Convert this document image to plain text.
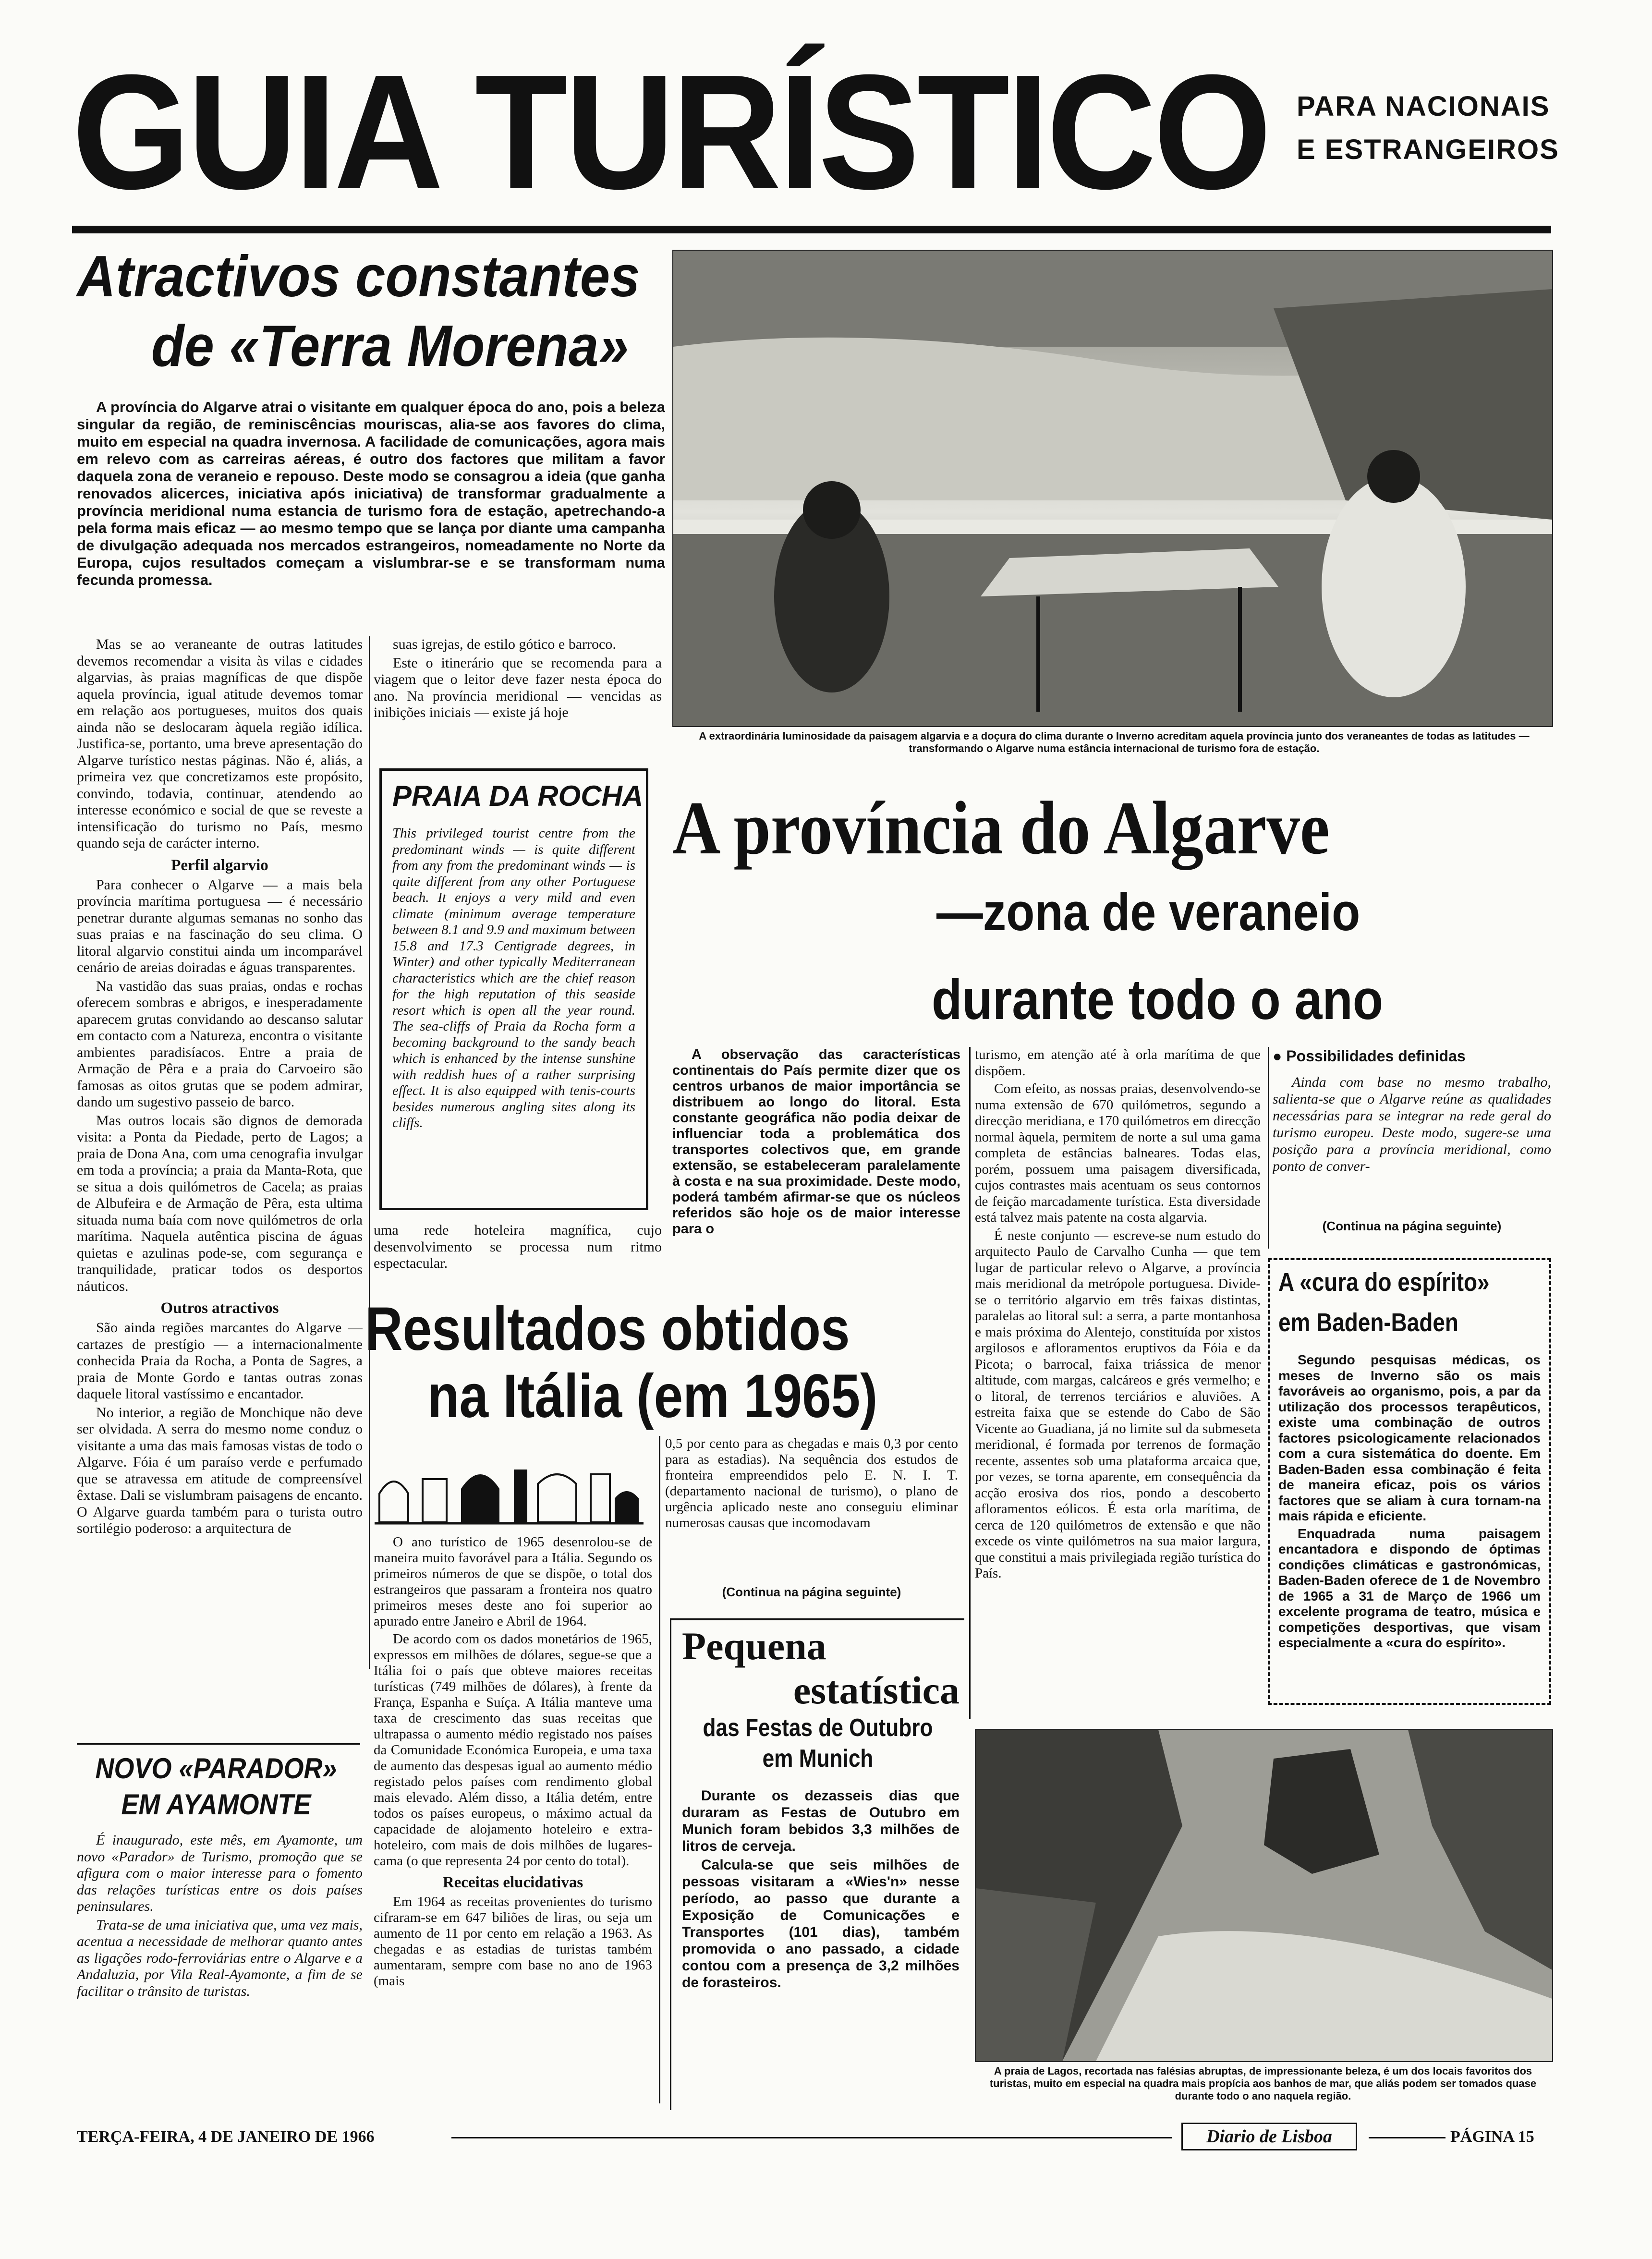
GUIA TURÍSTICO PARA NACIONAIS
E ESTRANGEIROS
Atractivos constantes
de «Terra Morena»

A província do Algarve atrai o visitante em qualquer época do ano, pois a beleza singular da região, de reminiscências mouriscas, alia-se aos favores do clima, muito em especial na quadra invernosa. A facilidade de comunicações, agora mais em relevo com as carreiras aéreas, é outro dos factores que militam a favor daquela zona de veraneio e repouso. Deste modo se consagrou a ideia (que ganha renovados alicerces, iniciativa após iniciativa) de transformar gradualmente a província meridional numa estancia de turismo fora de estação, apetrechando-a pela forma mais eficaz — ao mesmo tempo que se lança por diante uma campanha de divulgação adequada nos mercados estrangeiros, nomeadamente no Norte da Europa, cujos resultados começam a vislumbrar-se e se transformam numa fecunda promessa.

Mas se ao veraneante de outras latitudes devemos recomendar a visita às vilas e cidades algarvias, às praias magníficas de que dispõe aquela província, igual atitude devemos tomar em relação aos portugueses, muitos dos quais ainda não se deslocaram àquela região idílica. Justifica-se, portanto, uma breve apresentação do Algarve turístico nestas páginas. Não é, aliás, a primeira vez que concretizamos este propósito, convindo, todavia, continuar, atendendo ao interesse económico e social de que se reveste a intensificação do turismo no País, mesmo quando seja de carácter interno.

Perfil algarvio

Para conhecer o Algarve — a mais bela província marítima portuguesa — é necessário penetrar durante algumas semanas no sonho das suas praias e na fascinação do seu clima. O litoral algarvio constitui ainda um incomparável cenário de areias doiradas e águas transparentes.

Na vastidão das suas praias, ondas e rochas oferecem sombras e abrigos, e inesperadamente aparecem grutas convidando ao descanso salutar em contacto com a Natureza, encontra o visitante ambientes paradisíacos. Entre a praia de Armação de Pêra e a praia do Carvoeiro são famosas as oitos grutas que se podem admirar, dando um sugestivo passeio de barco.

Mas outros locais são dignos de demorada visita: a Ponta da Piedade, perto de Lagos; a praia de Dona Ana, com uma cenografia invulgar em toda a província; a praia da Manta-Rota, que se situa a dois quilómetros de Cacela; as praias de Albufeira e de Armação de Pêra, esta ultima situada numa baía com nove quilómetros de orla marítima. Naquela autêntica piscina de águas quietas e azulinas pode-se, com segurança e tranquilidade, praticar todos os desportos náuticos.

Outros atractivos

São ainda regiões marcantes do Algarve — cartazes de prestígio — a internacionalmente conhecida Praia da Rocha, a Ponta de Sagres, a praia de Monte Gordo e tantas outras zonas daquele litoral vastíssimo e encantador.

No interior, a região de Monchique não deve ser olvidada. A serra do mesmo nome conduz o visitante a uma das mais famosas vistas de todo o Algarve. Fóia é um paraíso verde e perfumado que se atravessa em atitude de compreensível êxtase. Dali se vislumbram paisagens de encanto. O Algarve guarda também para o turista outro sortilégio poderoso: a arquitectura de

suas igrejas, de estilo gótico e barroco.

Este o itinerário que se recomenda para a viagem que o leitor deve fazer nesta época do ano. Na província meridional — vencidas as inibições iniciais — existe já hoje

PRAIA DA ROCHA
This privileged tourist centre from the predominant winds — is quite different from any from the predominant winds — is quite different from any other Portuguese beach. It enjoys a very mild and even climate (minimum average temperature between 8.1 and 9.9 and maximum between 15.8 and 17.3 Centigrade degrees, in Winter) and other typically Mediterranean characteristics which are the chief reason for the high reputation of this seaside resort which is open all the year round. The sea-cliffs of Praia da Rocha form a becoming background to the sandy beach which is enhanced by the intense sunshine with reddish hues of a rather surprising effect. It is also equipped with tenis-courts besides numerous angling sites along its cliffs.

uma rede hoteleira magnífica, cujo desenvolvimento se processa num ritmo espectacular.

A extraordinária luminosidade da paisagem algarvia e a doçura do clima durante o Inverno acreditam aquela província junto dos veraneantes de todas as latitudes — transformando o Algarve numa estância internacional de turismo fora de estação.
A província do Algarve
—zona de veraneio
durante todo o ano

A observação das características continentais do País permite dizer que os centros urbanos de maior importância se distribuem ao longo do litoral. Esta constante geográfica não podia deixar de influenciar toda a problemática dos transportes colectivos que, em grande extensão, se estabeleceram paralelamente à costa e na sua proximidade. Deste modo, poderá também afirmar-se que os núcleos referidos são hoje os de maior interesse para o

turismo, em atenção até à orla marítima de que dispõem.

Com efeito, as nossas praias, desenvolvendo-se numa extensão de 670 quilómetros, segundo a direcção meridiana, e 170 quilómetros em direcção normal àquela, permitem de norte a sul uma gama completa de estâncias balneares. Todas elas, porém, possuem uma paisagem diversificada, cujos contrastes mais acentuam os seus contornos de feição marcadamente turística. Esta diversidade está talvez mais patente na costa algarvia.

É neste conjunto — escreve-se num estudo do arquitecto Paulo de Carvalho Cunha — que tem lugar de particular relevo o Algarve, a província mais meridional da metrópole portuguesa. Divide-se o território algarvio em três faixas distintas, paralelas ao litoral sul: a serra, a parte montanhosa e mais próxima do Alentejo, constituída por xistos argilosos e afloramentos eruptivos da Fóia e da Picota; o barrocal, faixa triássica de menor altitude, com margas, calcáreos e grés vermelho; e o litoral, de terrenos terciários e aluviões. A estreita faixa que se estende do Cabo de São Vicente ao Guadiana, já no limite sul da submeseta meridional, é formada por terrenos de formação recente, assentes sob uma plataforma arcaica que, por vezes, se torna aparente, em consequência da acção erosiva dos rios, pondo a descoberto afloramentos eólicos. É esta orla marítima, de cerca de 120 quilómetros de extensão e que não excede os vinte quilómetros na sua maior largura, que constitui a mais privilegiada região turística do País.

● Possibilidades definidas
Ainda com base no mesmo trabalho, salienta-se que o Algarve reúne as qualidades necessárias para se integrar na rede geral do turismo europeu. Deste modo, sugere-se uma posição para a província meridional, como ponto de conver-
(Continua na página seguinte)
Resultados obtidos
na Itália (em 1965)

O ano turístico de 1965 desenrolou-se de maneira muito favorável para a Itália. Segundo os primeiros números de que se dispõe, o total dos estrangeiros que passaram a fronteira nos quatro primeiros meses deste ano foi superior ao apurado entre Janeiro e Abril de 1964.

De acordo com os dados monetários de 1965, expressos em milhões de dólares, segue-se que a Itália foi o país que obteve maiores receitas turísticas (749 milhões de dólares), à frente da França, Espanha e Suíça. A Itália manteve uma taxa de crescimento das suas receitas que ultrapassa o aumento médio registado nos países da Comunidade Económica Europeia, e uma taxa de aumento das despesas igual ao aumento médio registado pelos países com rendimento global mais elevado. Além disso, a Itália detém, entre todos os países europeus, o máximo actual da capacidade de alojamento hoteleiro e extra-hoteleiro, com mais de dois milhões de lugares-cama (o que representa 24 por cento do total).

Receitas elucidativas

Em 1964 as receitas provenientes do turismo cifraram-se em 647 biliões de liras, ou seja um aumento de 11 por cento em relação a 1963. As chegadas e as estadias de turistas também aumentaram, sempre com base no ano de 1963 (mais

0,5 por cento para as chegadas e mais 0,3 por cento para as estadias). Na sequência dos estudos de fronteira empreendidos pelo E. N. I. T. (departamento nacional de turismo), o plano de urgência aplicado neste ano conseguiu eliminar numerosas causas que incomodavam

(Continua na página seguinte)
NOVO «PARADOR»
EM AYAMONTE

É inaugurado, este mês, em Ayamonte, um novo «Parador» de Turismo, promoção que se afigura com o maior interesse para o fomento das relações turísticas entre os dois países peninsulares.

Trata-se de uma iniciativa que, uma vez mais, acentua a necessidade de melhorar quanto antes as ligações rodo-ferroviárias entre o Algarve e a Andaluzia, por Vila Real-Ayamonte, a fim de se facilitar o trânsito de turistas.

Pequena
estatística
das Festas de Outubro
em Munich

Durante os dezasseis dias que duraram as Festas de Outubro em Munich foram bebidos 3,3 milhões de litros de cerveja.

Calcula-se que seis milhões de pessoas visitaram a «Wies'n» nesse período, ao passo que durante a Exposição de Comunicações e Transportes (101 dias), também promovida o ano passado, a cidade contou com a presença de 3,2 milhões de forasteiros.

A «cura do espírito»
em Baden-Baden

Segundo pesquisas médicas, os meses de Inverno são os mais favoráveis ao organismo, pois, a par da utilização dos processos terapêuticos, existe uma combinação de outros factores psicologicamente relacionados com a cura sistemática do doente. Em Baden-Baden essa combinação é feita de maneira eficaz, pois os vários factores que se aliam à cura tornam-na mais rápida e eficiente.

Enquadrada numa paisagem encantadora e dispondo de óptimas condições climáticas e gastronómicas, Baden-Baden oferece de 1 de Novembro de 1965 a 31 de Março de 1966 um excelente programa de teatro, música e competições desportivas, que visam especialmente a «cura do espírito».

A praia de Lagos, recortada nas falésias abruptas, de impressionante beleza, é um dos locais favoritos dos turistas, muito em especial na quadra mais propícia aos banhos de mar, que aliás podem ser tomados quase durante todo o ano naquela região.
TERÇA-FEIRA, 4 DE JANEIRO DE 1966	Diario de Lisboa	PÁGINA 15
